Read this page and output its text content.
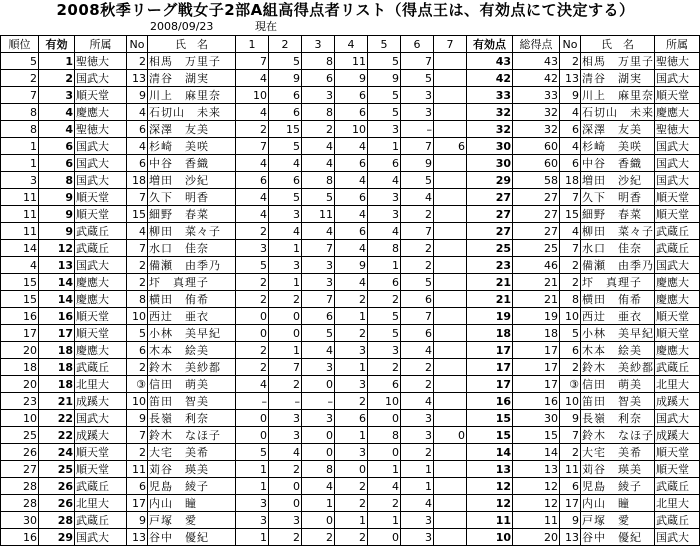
2008秋季リーグ戦女子2部A組高得点者リスト（得点王は、有効点にて決定する）
2008/09/23	現在
順位	有効	所属	No	氏　名	1	2	3	4	5	6	7	有効点	総得点	No	氏　名	所属
5	1	聖徳大	2	相馬　万里子	7	5	8	11	5	7		43	43	2	相馬　万里子	聖徳大
2	2	国武大	13	清谷　湖実	4	9	6	9	9	5		42	42	13	清谷　湖実	国武大
7	3	順天堂	9	川上　麻里奈	10	6	3	6	5	3		33	33	9	川上　麻里奈	順天堂
8	4	慶應大	4	石切山　未来	4	6	8	6	5	3		32	32	4	石切山　未来	慶應大
8	4	聖徳大	6	深澤　友美	2	15	2	10	3	–		32	32	6	深澤　友美	聖徳大
1	6	国武大	4	杉崎　美咲	7	5	4	4	1	7	6	30	60	4	杉崎　美咲	国武大
1	6	国武大	6	中谷　香織	4	4	4	6	6	9		30	60	6	中谷　香織	国武大
3	8	国武大	18	増田　沙紀	6	6	8	4	4	5		29	58	18	増田　沙紀	国武大
11	9	順天堂	7	久下　明香	4	5	5	6	3	4		27	27	7	久下　明香	順天堂
11	9	順天堂	15	細野　春菜	4	3	11	4	3	2		27	27	15	細野　春菜	順天堂
11	9	武蔵丘	4	柳田　菜々子	2	4	4	6	4	7		27	27	4	柳田　菜々子	武蔵丘
14	12	武蔵丘	7	水口　佳奈	3	1	7	4	8	2		25	25	7	水口　佳奈	武蔵丘
4	13	国武大	2	備瀬　由季乃	5	3	3	9	1	2		23	46	2	備瀬　由季乃	国武大
15	14	慶應大	2	圷　真理子	2	1	3	4	6	5		21	21	2	圷　真理子	慶應大
15	14	慶應大	8	横田　侑希	2	2	7	2	2	6		21	21	8	横田　侑希	慶應大
16	16	順天堂	10	西辻　亜衣	0	0	6	1	5	7		19	19	10	西辻　亜衣	順天堂
17	17	順天堂	5	小林　美早紀	0	0	5	2	5	6		18	18	5	小林　美早紀	順天堂
20	18	慶應大	6	木本　絵美	2	1	4	3	3	4		17	17	6	木本　絵美	慶應大
18	18	武蔵丘	2	鈴木　美紗都	2	7	3	1	2	2		17	17	2	鈴木　美紗都	武蔵丘
20	18	北里大	③	信田　萌美	4	2	0	3	6	2		17	17	③	信田　萌美	北里大
23	21	成蹊大	10	笛田　智美	–	–	–	2	10	4		16	16	10	笛田　智美	成蹊大
10	22	国武大	9	長嶺　利奈	0	3	3	6	0	3		15	30	9	長嶺　利奈	国武大
25	22	成蹊大	7	鈴木　なほ子	0	3	0	1	8	3	0	15	15	7	鈴木　なほ子	成蹊大
26	24	順天堂	2	大宅　美希	5	4	0	3	0	2		14	14	2	大宅　美希	順天堂
27	25	順天堂	11	苅谷　瑛美	1	2	8	0	1	1		13	13	11	苅谷　瑛美	順天堂
28	26	武蔵丘	6	児島　綾子	1	0	4	2	4	1		12	12	6	児島　綾子	武蔵丘
28	26	北里大	17	内山　瞳	3	0	1	2	2	4		12	12	17	内山　瞳	北里大
30	28	武蔵丘	9	戸塚　愛	3	3	0	1	1	3		11	11	9	戸塚　愛	武蔵丘
16	29	国武大	13	谷中　優紀	1	2	2	2	0	3		10	20	13	谷中　優紀	国武大
